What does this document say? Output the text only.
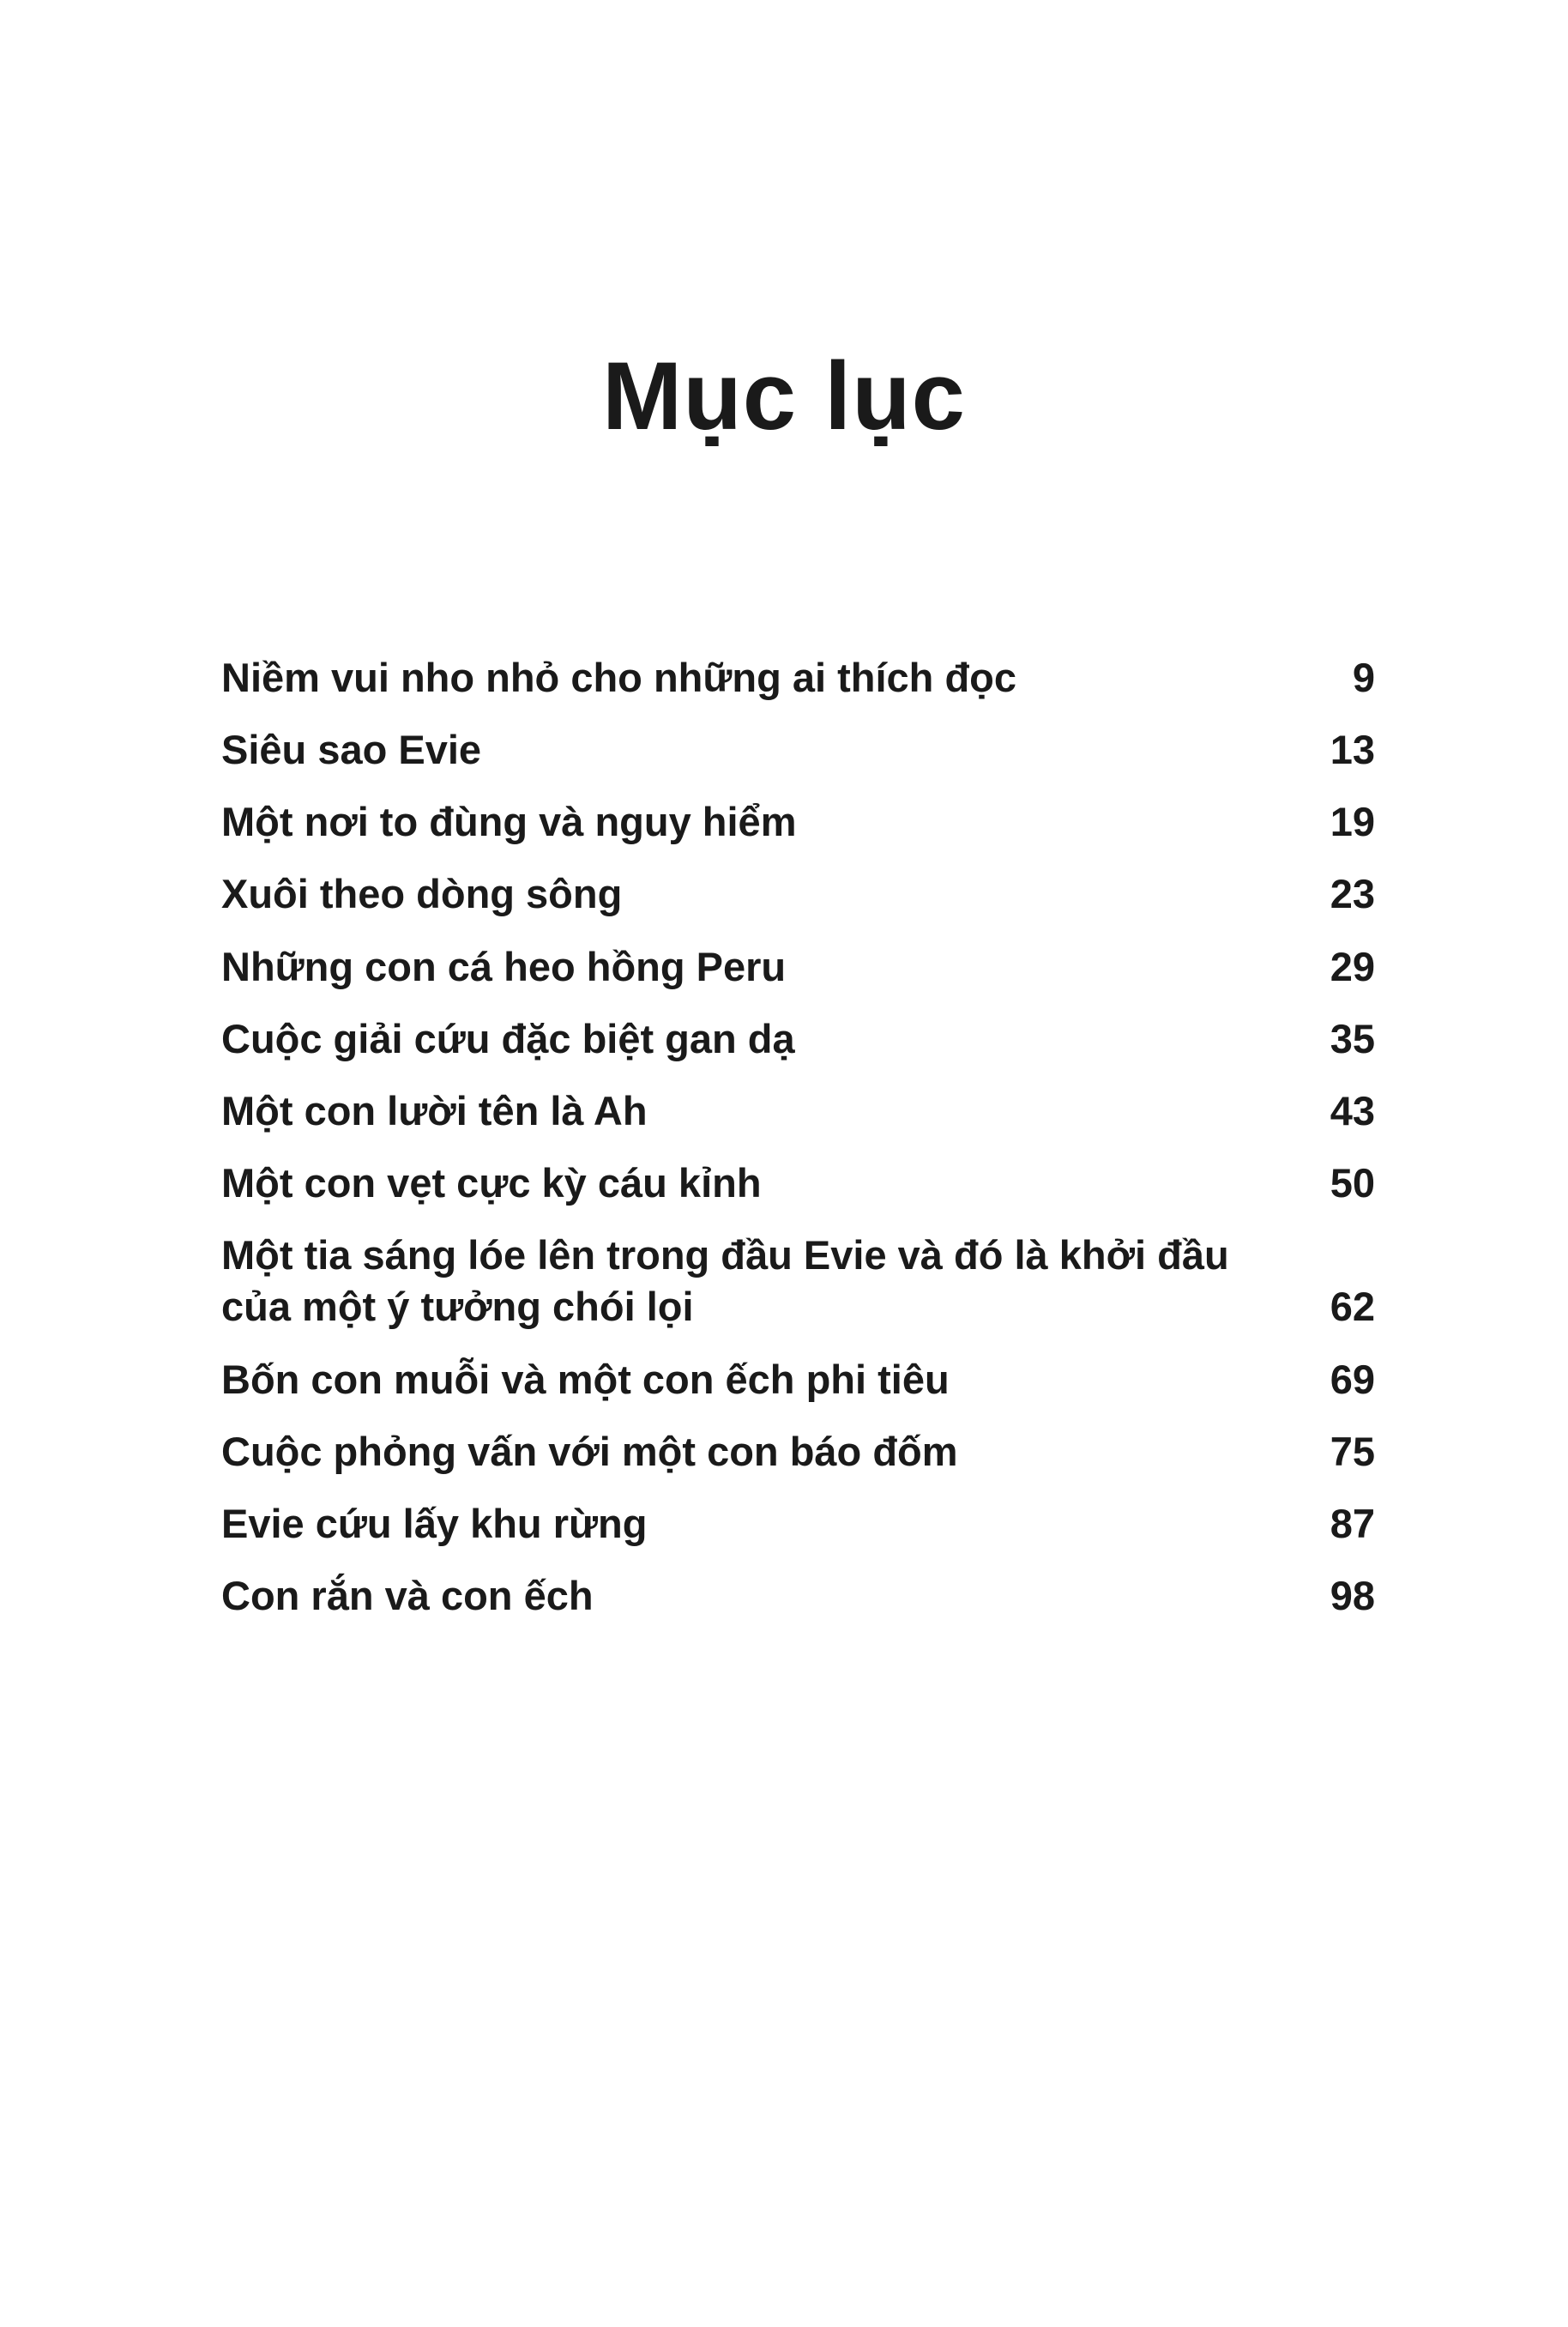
Mục lục
Niềm vui nho nhỏ cho những ai thích đọc	9
Siêu sao Evie	13
Một nơi to đùng và nguy hiểm	19
Xuôi theo dòng sông	23
Những con cá heo hồng Peru	29
Cuộc giải cứu đặc biệt gan dạ	35
Một con lười tên là Ah	43
Một con vẹt cực kỳ cáu kỉnh	50
Một tia sáng lóe lên trong đầu Evie và đó là khởi đầu của một ý tưởng chói lọi	62
Bốn con muỗi và một con ếch phi tiêu	69
Cuộc phỏng vấn với một con báo đốm	75
Evie cứu lấy khu rừng	87
Con rắn và con ếch	98
